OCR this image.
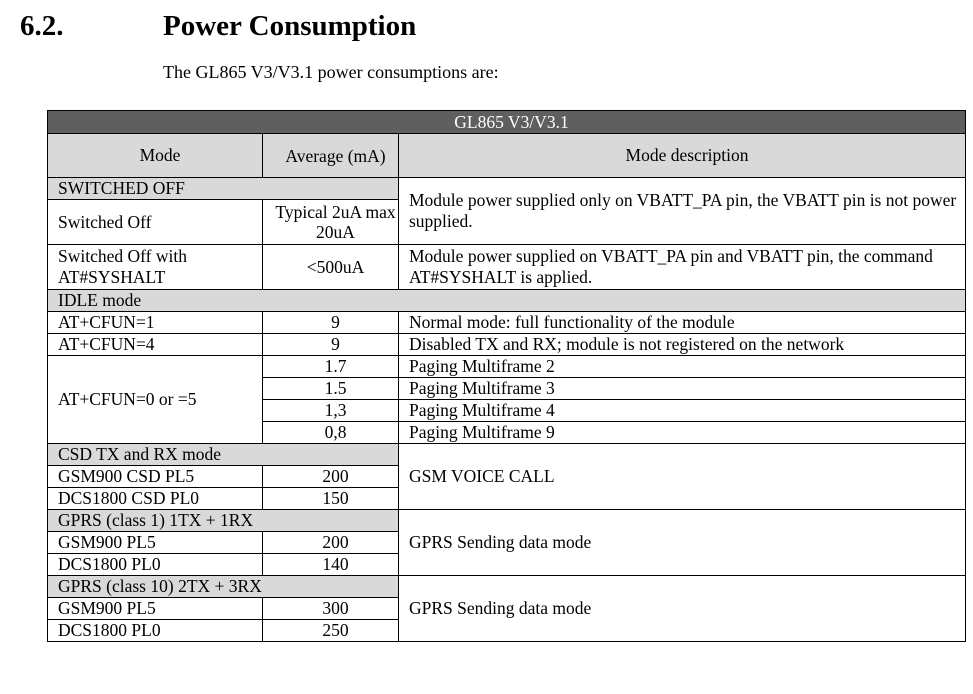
6.2.	Power Consumption
The GL865 V3/V3.1 power consumptions are:
GL865 V3/V3.1		
Mode	Average (mA)	Mode description
SWITCHED OFF		Module power supplied only on VBATT_PA pin, the VBATT pin is not power supplied.
Switched Off	Typical 2uA max 20uA	
Switched Off with AT#SYSHALT	<500uA	Module power supplied on VBATT_PA pin and VBATT pin, the command AT#SYSHALT is applied.
IDLE mode		
AT+CFUN=1	9	Normal mode: full functionality of the module
AT+CFUN=4	9	Disabled TX and RX; module is not registered on the network
AT+CFUN=0 or =5	1.7	Paging Multiframe 2
	1.5	Paging Multiframe 3
	1,3	Paging Multiframe 4
	0,8	Paging Multiframe 9
CSD TX and RX mode		GSM VOICE CALL
GSM900 CSD PL5	200	
DCS1800 CSD PL0	150	
GPRS (class 1) 1TX + 1RX		GPRS Sending data mode
GSM900 PL5	200	
DCS1800 PL0	140	
GPRS (class 10) 2TX + 3RX		GPRS Sending data mode
GSM900 PL5	300	
DCS1800 PL0	250	
